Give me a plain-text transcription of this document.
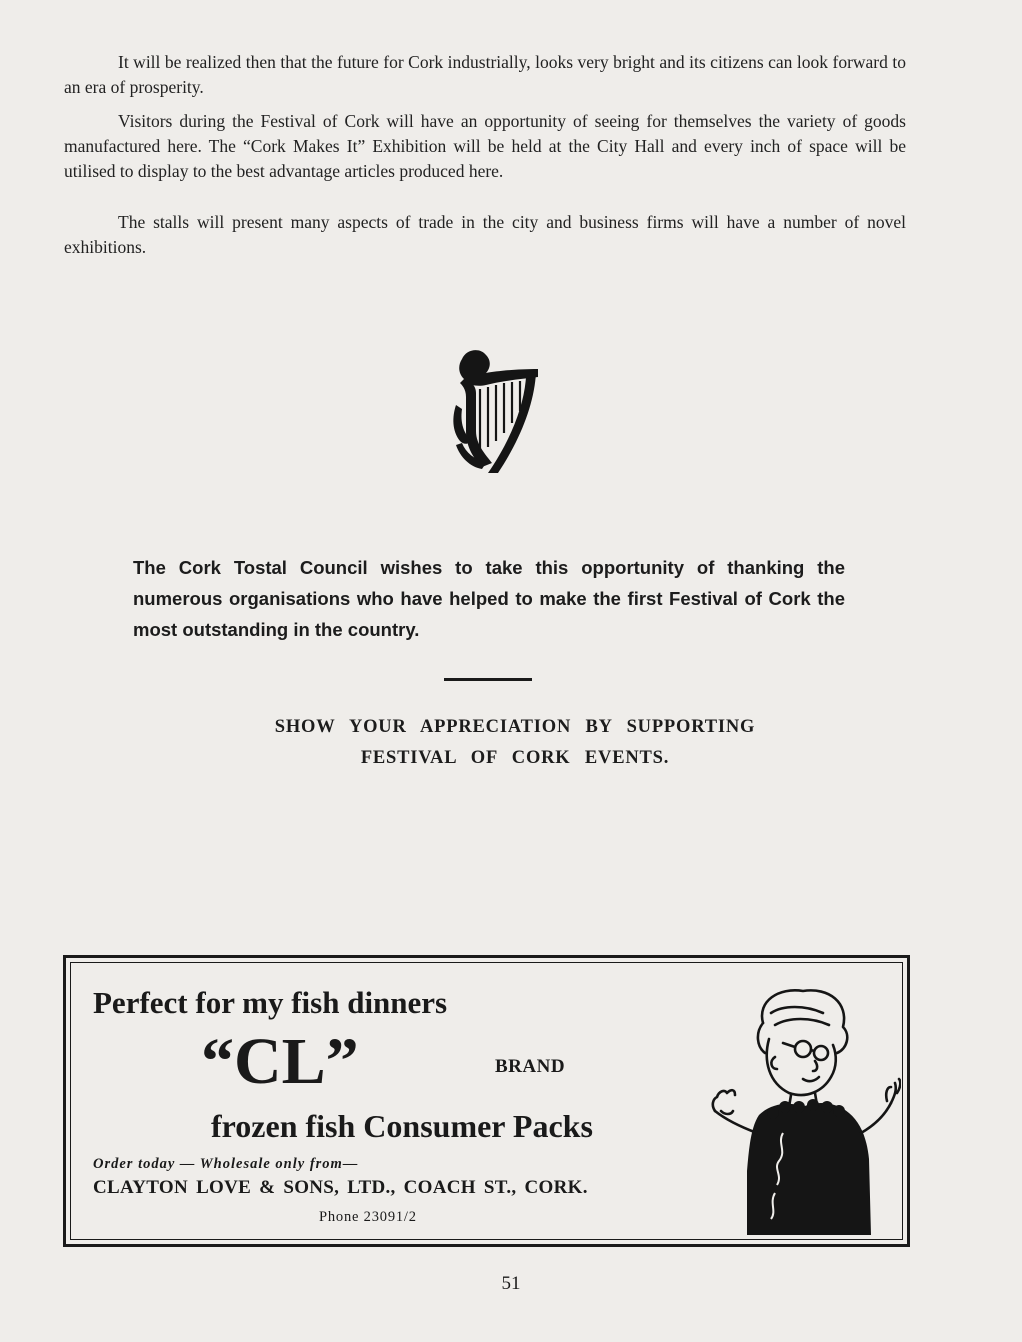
It will be realized then that the future for Cork industrially, looks very bright and its citizens can look forward to an era of prosperity.

Visitors during the Festival of Cork will have an opportunity of seeing for themselves the variety of goods manufactured here. The “Cork Makes It” Exhibition will be held at the City Hall and every inch of space will be utilised to display to the best advantage articles produced here.

The stalls will present many aspects of trade in the city and business firms will have a number of novel exhibitions.

The Cork Tostal Council wishes to take this opportunity of thanking the numerous organisations who have helped to make the first Festival of Cork the most outstanding in the country.

SHOW YOUR APPRECIATION BY SUPPORTING
FESTIVAL OF CORK EVENTS.
Perfect for my fish dinners
“CL”	BRAND
frozen fish Consumer Packs
Order today — Wholesale only from—
CLAYTON LOVE & SONS, LTD., COACH ST., CORK.
Phone 23091/2
51
